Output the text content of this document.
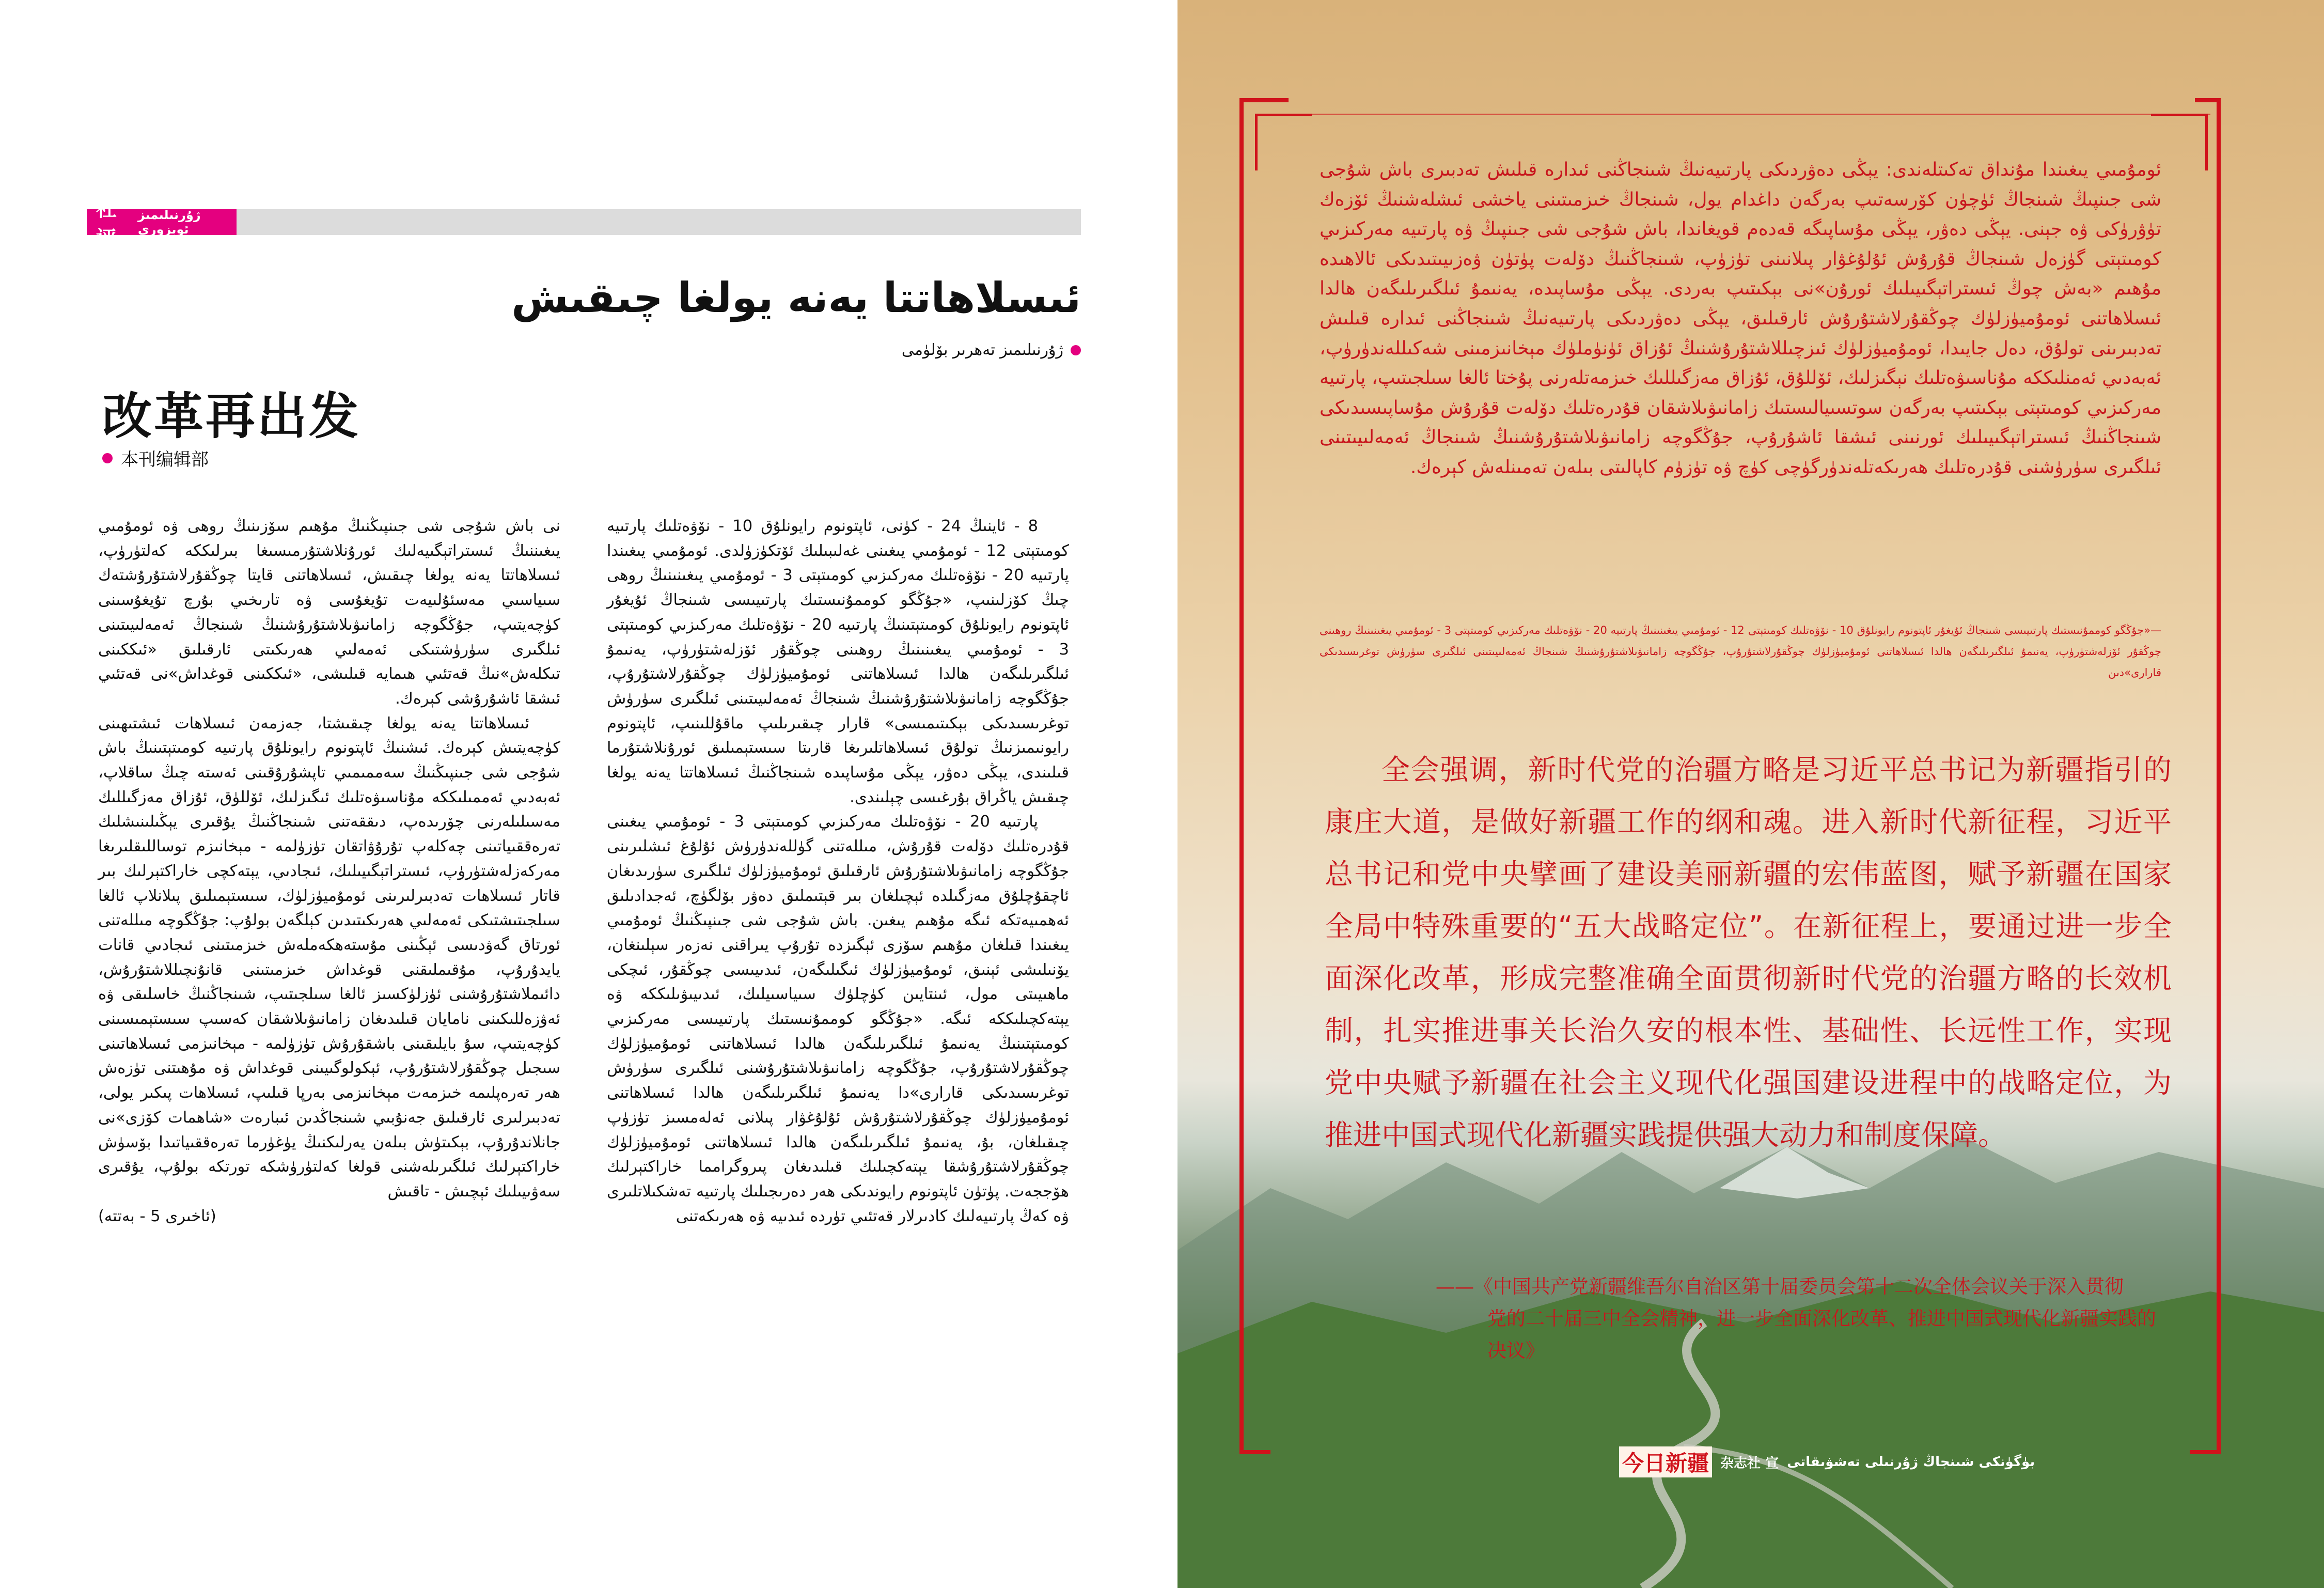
社评
ژۇرنىلىمىز ئوبزورى
ئىسلاھاتتا يەنە يولغا چىقىش
ژۇرنىلىمىز تەھرىر بۆلۈمى
改革再出发
本刊编辑部

8 - ئاينىڭ 24 - كۈنى، ئاپتونوم رايونلۇق 10 - نۆۋەتلىك پارتىيە كومىتېتى 12 - ئومۇمىي يىغىنى غەلىبىلىك ئۆتكۈزۈلدى. ئومۇمىي يىغىندا پارتىيە 20 - نۆۋەتلىك مەركىزىي كومىتېتى 3 - ئومۇمىي يىغىنىنىڭ روھى چىڭ كۆزلىنىپ، «جۇڭگو كوممۇنىستىك پارتىيىسى شىنجاڭ ئۇيغۇر ئاپتونوم رايونلۇق كومىتېتىنىڭ پارتىيە 20 - نۆۋەتلىك مەركىزىي كومىتېتى 3 - ئومۇمىي يىغىنىنىڭ روھىنى چوڭقۇر ئۆزلەشتۈرۈپ، يەنىمۇ ئىلگىرىلىگەن ھالدا ئىسلاھاتنى ئومۇميۈزلۈك چوڭقۇرلاشتۇرۇپ، جۇڭگوچە زامانىۋىلاشتۇرۇشنىڭ شىنجاڭ ئەمەلىيىتىنى ئىلگىرى سۈرۈش توغرىسىدىكى بېكىتىمىسى» قارار چىقىرىلىپ ماقۇللىنىپ، ئاپتونوم رايونىمىزنىڭ تولۇق ئىسلاھاتلىرىغا قارىتا سىستېمىلىق ئورۇنلاشتۇرما قىلىندى، يېڭى دەۋر، يېڭى مۇساپىدە شىنجاڭنىڭ ئىسلاھاتتا يەنە يولغا چىقىش ياڭراق بۇرغىسى چېلىندى.

پارتىيە 20 - نۆۋەتلىك مەركىزىي كومىتېتى 3 - ئومۇمىي يىغىنى قۇدرەتلىك دۆلەت قۇرۇش، مىللەتنى گۈللەندۈرۈش ئۇلۇغ ئىشلىرىنى جۇڭگوچە زامانىۋىلاشتۇرۇش ئارقىلىق ئومۇميۈزلۈك ئىلگىرى سۈرىدىغان ئاچقۇچلۇق مەزگىلدە ئېچىلغان بىر قېتىملىق دەۋر بۆلگۈچ، ئەجدادىلىق ئەھمىيەتكە ئىگە مۇھىم يىغىن. باش شۇجى شى جىنپىڭنىڭ ئومۇمىي يىغىندا قىلغان مۇھىم سۆزى ئېگىزدە تۇرۇپ يىراقنى نەزەر سېلىنغان، يۆنىلىشى ئېنىق، ئومۇميۈزلۈك ئىگىلىگەن، ئىدىيىسى چوڭقۇر، ئىچكى ماھىيىتى مول، ئىنتايىن كۈچلۈك سىياسىيلىك، ئىدىيىۋىلىككە ۋە يېتەكچىلىككە ئىگە. «جۇڭگو كوممۇنىستىك پارتىيىسى مەركىزىي كومىتېتىنىڭ يەنىمۇ ئىلگىرىلىگەن ھالدا ئىسلاھاتنى ئومۇميۈزلۈك چوڭقۇرلاشتۇرۇپ، جۇڭگوچە زامانىۋىلاشتۇرۇشنى ئىلگىرى سۈرۈش توغرىسىدىكى قارارى»دا يەنىمۇ ئىلگىرىلىگەن ھالدا ئىسلاھاتنى ئومۇميۈزلۈك چوڭقۇرلاشتۇرۇش ئۇلۇغۋار پىلانى ئەلەمسىز تۈزۈپ چىقىلغان، بۇ، يەنىمۇ ئىلگىرىلىگەن ھالدا ئىسلاھاتنى ئومۇميۈزلۈك چوڭقۇرلاشتۇرۇشقا يېتەكچىلىك قىلىدىغان پىروگرامما خاراكتېرلىك ھۆججەت. پۈتۈن ئاپتونوم رايوندىكى ھەر دەرىجىلىك پارتىيە تەشكىلاتلىرى ۋە كەڭ پارتىيەلىك كادىرلار قەتئىي تۈردە ئىدىيە ۋە ھەرىكەتنى

نى باش شۇجى شى جىنپىڭنىڭ مۇھىم سۆزىنىڭ روھى ۋە ئومۇمىي يىغىننىڭ ئىستراتېگىيەلىك ئورۇنلاشتۇرمىسىغا بىرلىككە كەلتۈرۈپ، ئىسلاھاتتا يەنە يولغا چىقىش، ئىسلاھاتنى قايتا چوڭقۇرلاشتۇرۇشتەك سىياسىي مەسئۇلىيەت تۇيغۇسى ۋە تارىخىي بۇرچ تۇيغۇسىنى كۈچەيتىپ، جۇڭگوچە زامانىۋىلاشتۇرۇشنىڭ شىنجاڭ ئەمەلىيىتىنى ئىلگىرى سۈرۈشتىكى ئەمەلىي ھەرىكىتى ئارقىلىق «ئىككىنى تىكلەش»نىڭ قەتئىي ھىمايە قىلىشى، «ئىككىنى قوغداش»نى قەتئىي ئىشقا ئاشۇرۇشى كېرەك.

ئىسلاھاتتا يەنە يولغا چىقىشتا، جەزمەن ئىسلاھات ئىشتىھىنى كۈچەيتىش كېرەك. ئىشنىڭ ئاپتونوم رايونلۇق پارتىيە كومىتېتىنىڭ باش شۇجى شى جىنپىڭنىڭ سەممىمىي تاپشۇرۇقىنى ئەستە چىڭ ساقلاپ، ئەبەدىي ئەممىلىككە مۇناسىۋەتلىك ئىگىزلىك، ئۆللۈق، ئۇزاق مەزگىللىك مەسىلىلەرنى چۆرىدەپ، دىققەتنى شىنجاڭنىڭ يۇقىرى يېڭىلىنىشلىك تەرەققىياتىنى چەكلەپ تۇرۇۋاتقان تۈزۈلمە - مېخانىزم توساللىقلىرىغا مەركەزلەشتۈرۈپ، ئىستراتېگىيىلىك، ئىجادىي، يېتەكچى خاراكتېرلىك بىر قاتار ئىسلاھات تەدبىرلىرىنى ئومۇميۈزلۈك، سىستېمىلىق پىلانلاپ ئالغا سىلجىتىشتىكى ئەمەلىي ھەرىكىتىدىن كېلگەن بولۇپ: جۇڭگوچە مىللەتنى ئورتاق گەۋدىسى ئېڭىنى مۇستەھكەملەش خىزمىتىنى ئىجادىي قانات يايدۇرۇپ، مۇقىملىقنى قوغداش خىزمىتىنى قانۇنچىللاشتۇرۇش، دائىملاشتۇرۇشنى ئۈزلۈكسىز ئالغا سىلجىتىپ، شىنجاڭنىڭ خاسلىقى ۋە ئەۋزەللىكىنى نامايان قىلىدىغان زامانىۋىلاشقان كەسىپ سىستېمىسىنى كۈچەيتىپ، سۇ بايلىقىنى باشقۇرۇش تۈزۈلمە - مېخانىزمى ئىسلاھاتىنى سىجىل چوڭقۇرلاشتۇرۇپ، ئېكولوگىيىنى قوغداش ۋە مۇھىتنى تۈزەش ھەر تەرەپلىمە خىزمەت مېخانىزمى بەرپا قىلىپ، ئىسلاھات پىكىر يولى، تەدبىرلىرى ئارقىلىق جەنۇبىي شىنجاڭدىن ئىبارەت «شاھمات كۆزى»نى جانلاندۇرۇپ، بېكىتۈش بىلەن يەرلىكنىڭ يۈغۈرما تەرەققىياتىدا بۆسۈش خاراكتېرلىك ئىلگىرىلەشنى قولغا كەلتۈرۈشكە تورتكە بولۇپ، يۇقىرى سەۋىيىلىك ئېچىش - تاقىش

(ئاخىرى 5 - بەتتە)

ئومۇمىي يىغىندا مۇنداق تەكىتلەندى: يېڭى دەۋردىكى پارتىيەنىڭ شىنجاڭنى ئىدارە قىلىش تەدبىرى باش شۇجى شى جىنپىڭ شىنجاڭ ئۈچۈن كۆرسەتىپ بەرگەن داغدام يول، شىنجاڭ خىزمىتىنى ياخشى ئىشلەشنىڭ ئۆزەك تۈۋرۈكى ۋە جېنى. يېڭى دەۋر، يېڭى مۇساپىگە قەدەم قويغاندا، باش شۇجى شى جىنپىڭ ۋە پارتىيە مەركىزىي كومىتېتى گۈزەل شىنجاڭ قۇرۇش ئۇلۇغۋار پىلانىنى تۈزۈپ، شىنجاڭنىڭ دۆلەت پۈتۈن ۋەزىيىتىدىكى ئالاھىدە مۇھىم «بەش چوڭ ئىستراتېگىيىلىك ئورۇن»نى بېكىتىپ بەردى. يېڭى مۇساپىدە، يەنىمۇ ئىلگىرىلىگەن ھالدا ئىسلاھاتنى ئومۇميۈزلۈك چوڭقۇرلاشتۇرۇش ئارقىلىق، يېڭى دەۋردىكى پارتىيەنىڭ شىنجاڭنى ئىدارە قىلىش تەدبىرىنى تولۇق، دەل جايىدا، ئومۇميۈزلۈك ئىزچىللاشتۇرۇشنىڭ ئۇزاق ئۈنۈملۈك مېخانىزمىنى شەكىللەندۈرۈپ، ئەبەدىي ئەمنلىككە مۇناسىۋەتلىك نېگىزلىك، ئۆللۇق، ئۇزاق مەزگىللىك خىزمەتلەرنى پۇختا ئالغا سىلجىتىپ، پارتىيە مەركىزىي كومىتېتى بېكىتىپ بەرگەن سوتسىيالىستىك زامانىۋىلاشقان قۇدرەتلىك دۆلەت قۇرۇش مۇساپىسىدىكى شىنجاڭنىڭ ئىستراتېگىيىلىك ئورنىنى ئىشقا ئاشۇرۇپ، جۇڭگوچە زامانىۋىلاشتۇرۇشنىڭ شىنجاڭ ئەمەلىيىتىنى ئىلگىرى سۈرۈشنى قۇدرەتلىك ھەرىكەتلەندۈرگۈچى كۈچ ۋە تۈزۈم كاپالىتى بىلەن تەمىنلەش كېرەك.
—«جۇڭگو كوممۇنىستىك پارتىيىسى شىنجاڭ ئۇيغۇر ئاپتونوم رايونلۇق 10 - نۆۋەتلىك كومىتېتى 12 - ئومۇمىي يىغىنىنىڭ پارتىيە 20 - نۆۋەتلىك مەركىزىي كومىتېتى 3 - ئومۇمىي يىغىنىنىڭ روھىنى چوڭقۇر ئۆزلەشتۈرۈپ، يەنىمۇ ئىلگىرىلىگەن ھالدا ئىسلاھاتنى ئومۇميۈزلۈك چوڭقۇرلاشتۇرۇپ، جۇڭگوچە زامانىۋىلاشتۇرۇشنىڭ شىنجاڭ ئەمەلىيىتىنى ئىلگىرى سۈرۈش توغرىسىدىكى قارارى»دىن
全会强调，新时代党的治疆方略是习近平总书记为新疆指引的康庄大道，是做好新疆工作的纲和魂。进入新时代新征程，习近平总书记和党中央擘画了建设美丽新疆的宏伟蓝图，赋予新疆在国家全局中特殊重要的“五大战略定位”。在新征程上，要通过进一步全面深化改革，形成完整准确全面贯彻新时代党的治疆方略的长效机制，扎实推进事关长治久安的根本性、基础性、长远性工作，实现党中央赋予新疆在社会主义现代化强国建设进程中的战略定位，为推进中国式现代化新疆实践提供强大动力和制度保障。
——《中国共产党新疆维吾尔自治区第十届委员会第十二次全体会议关于深入贯彻
党的二十届三中全会精神，进一步全面深化改革、推进中国式现代化新疆实践的决议》
今日新疆 杂志社 宣 بۈگۈنكى شىنجاڭ ژۇرنىلى تەشۋىقاتى
